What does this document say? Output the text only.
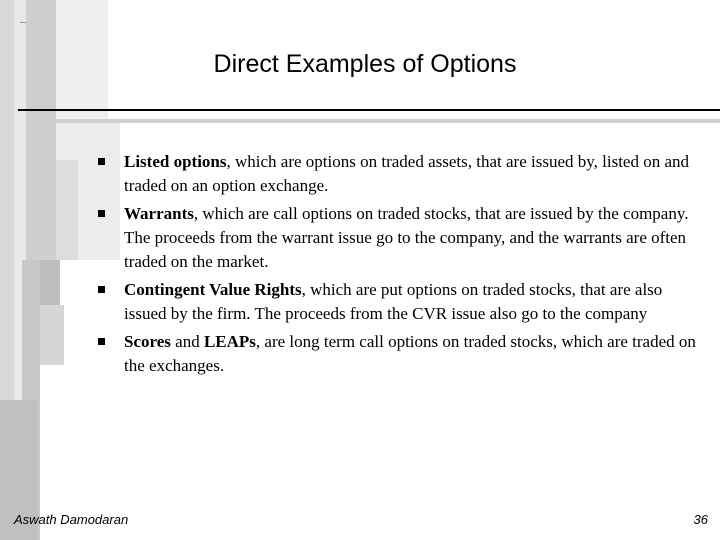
Direct Examples of Options
Listed options, which are options on traded assets, that are issued by, listed on and traded on an option exchange.
Warrants, which are call options on traded stocks, that are issued by the company. The proceeds from the warrant issue go to the company, and the warrants are often traded on the market.
Contingent Value Rights, which are put options on traded stocks, that are also issued by the firm. The proceeds from the CVR issue also go to the company
Scores and LEAPs, are long term call options on traded stocks, which are traded on the exchanges.
Aswath Damodaran	36
